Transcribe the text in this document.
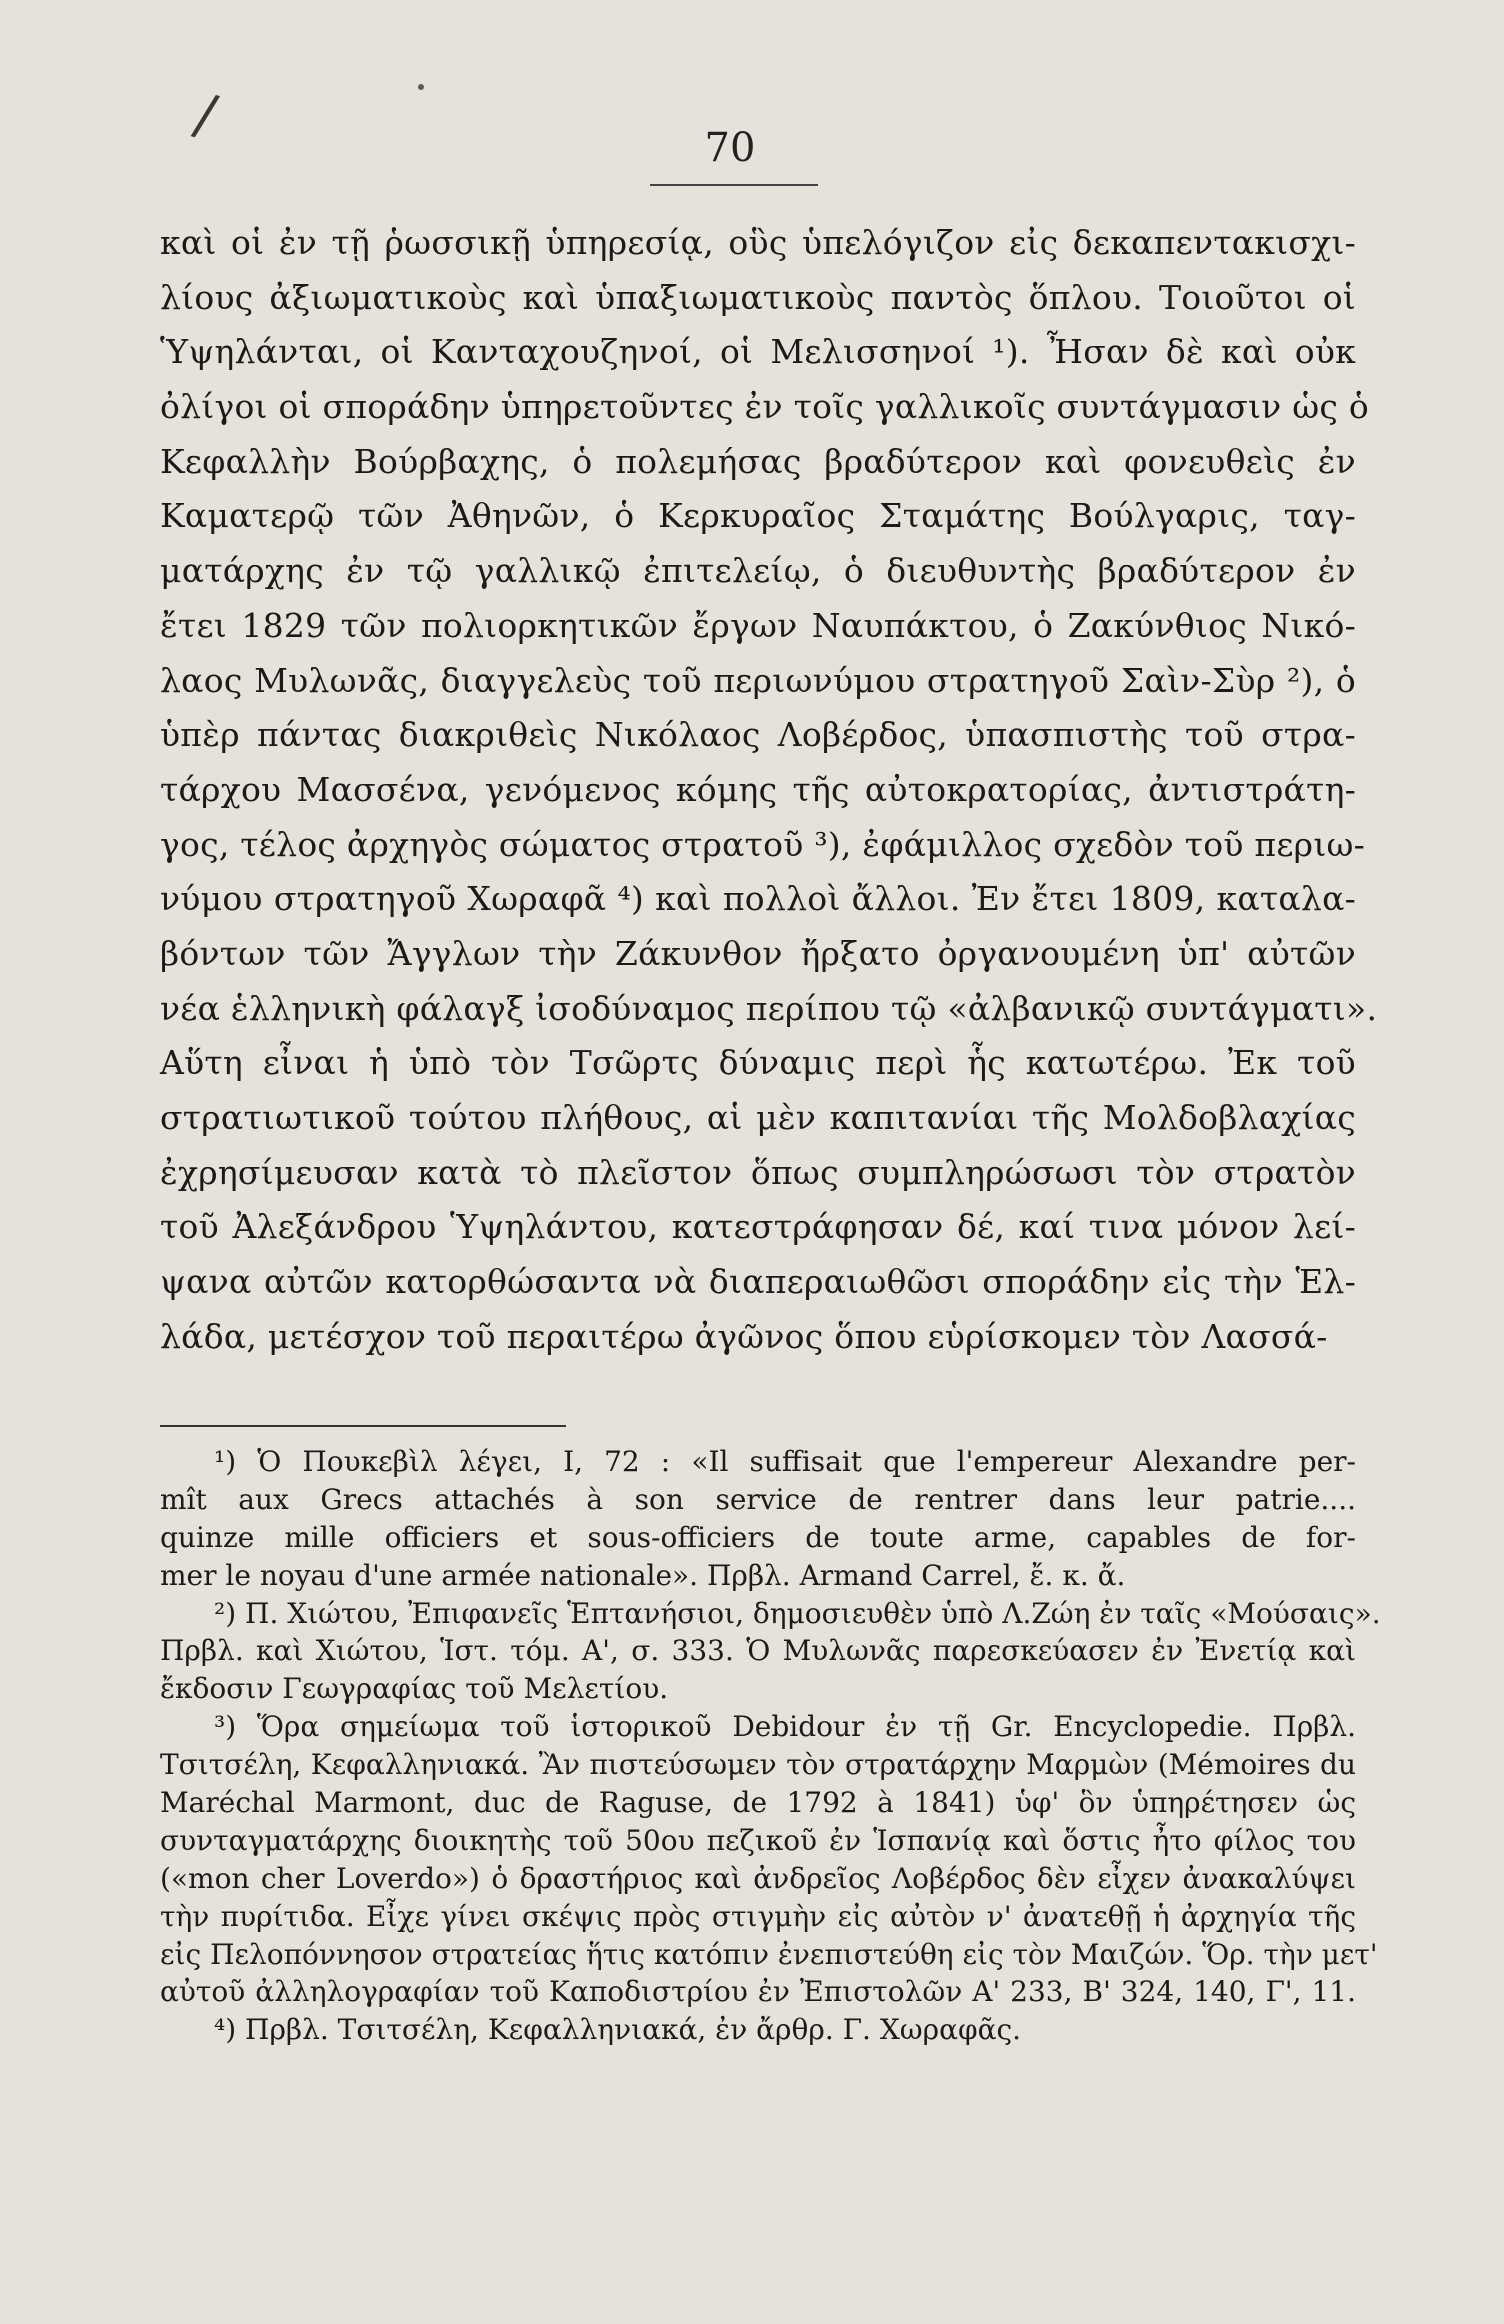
/	70
καὶ οἱ ἐν τῇ ῥωσσικῇ ὑπηρεσίᾳ, οὓς ὑπελόγιζον εἰς δεκαπεντακισχι-
λίους ἀξιωματικοὺς καὶ ὑπαξιωματικοὺς παντὸς ὅπλου. Τοιοῦτοι οἱ
Ὑψηλάνται, οἱ Κανταχουζηνοί, οἱ Μελισσηνοί ¹). Ἦσαν δὲ καὶ οὐκ
ὀλίγοι οἱ σποράδην ὑπηρετοῦντες ἐν τοῖς γαλλικοῖς συντάγμασιν ὡς ὁ
Κεφαλλὴν Βούρβαχης, ὁ πολεμήσας βραδύτερον καὶ φονευθεὶς ἐν
Καματερῷ τῶν Ἀθηνῶν, ὁ Κερκυραῖος Σταμάτης Βούλγαρις, ταγ-
ματάρχης ἐν τῷ γαλλικῷ ἐπιτελείῳ, ὁ διευθυντὴς βραδύτερον ἐν
ἔτει 1829 τῶν πολιορκητικῶν ἔργων Ναυπάκτου, ὁ Ζακύνθιος Νικό-
λαος Μυλωνᾶς, διαγγελεὺς τοῦ περιωνύμου στρατηγοῦ Σαὶν-Σὺρ ²), ὁ
ὑπὲρ πάντας διακριθεὶς Νικόλαος Λοβέρδος, ὑπασπιστὴς τοῦ στρα-
τάρχου Μασσένα, γενόμενος κόμης τῆς αὐτοκρατορίας, ἀντιστράτη-
γος, τέλος ἀρχηγὸς σώματος στρατοῦ ³), ἐφάμιλλος σχεδὸν τοῦ περιω-
νύμου στρατηγοῦ Χωραφᾶ ⁴) καὶ πολλοὶ ἄλλοι. Ἐν ἔτει 1809, καταλα-
βόντων τῶν Ἄγγλων τὴν Ζάκυνθον ἤρξατο ὀργανουμένη ὑπ' αὐτῶν
νέα ἑλληνικὴ φάλαγξ ἰσοδύναμος περίπου τῷ «ἀλβανικῷ συντάγματι».
Αὕτη εἶναι ἡ ὑπὸ τὸν Τσῶρτς δύναμις περὶ ἧς κατωτέρω. Ἐκ τοῦ
στρατιωτικοῦ τούτου πλήθους, αἱ μὲν καπιτανίαι τῆς Μολδοβλαχίας
ἐχρησίμευσαν κατὰ τὸ πλεῖστον ὅπως συμπληρώσωσι τὸν στρατὸν
τοῦ Ἀλεξάνδρου Ὑψηλάντου, κατεστράφησαν δέ, καί τινα μόνον λεί-
ψανα αὐτῶν κατορθώσαντα νὰ διαπεραιωθῶσι σποράδην εἰς τὴν Ἑλ-
λάδα, μετέσχον τοῦ περαιτέρω ἀγῶνος ὅπου εὑρίσκομεν τὸν Λασσά-
¹) Ὁ Πουκεβὶλ λέγει, I, 72 : «Il suffisait que l'empereur Alexandre per-
mît aux Grecs attachés à son service de rentrer dans leur patrie....
quinze mille officiers et sous-officiers de toute arme, capables de for-
mer le noyau d'une armée nationale». Πρβλ. Armand Carrel, ἔ. κ. ἄ.
²) Π. Χιώτου, Ἐπιφανεῖς Ἑπτανήσιοι, δημοσιευθὲν ὑπὸ Λ.Ζώη ἐν ταῖς «Μούσαις».
Πρβλ. καὶ Χιώτου, Ἱστ. τόμ. Α', σ. 333. Ὁ Μυλωνᾶς παρεσκεύασεν ἐν Ἐνετίᾳ καὶ
ἔκδοσιν Γεωγραφίας τοῦ Μελετίου.
³) Ὅρα σημείωμα τοῦ ἱστορικοῦ Debidour ἐν τῇ Gr. Encyclopedie. Πρβλ.
Τσιτσέλη, Κεφαλληνιακά. Ἂν πιστεύσωμεν τὸν στρατάρχην Μαρμὼν (Mémoires du
Maréchal Marmont, duc de Raguse, de 1792 à 1841) ὑφ' ὃν ὑπηρέτησεν ὡς
συνταγματάρχης διοικητὴς τοῦ 50ου πεζικοῦ ἐν Ἱσπανίᾳ καὶ ὅστις ἦτο φίλος του
(«mon cher Loverdo») ὁ δραστήριος καὶ ἀνδρεῖος Λοβέρδος δὲν εἶχεν ἀνακαλύψει
τὴν πυρίτιδα. Εἶχε γίνει σκέψις πρὸς στιγμὴν εἰς αὐτὸν ν' ἀνατεθῇ ἡ ἀρχηγία τῆς
εἰς Πελοπόννησον στρατείας ἥτις κατόπιν ἐνεπιστεύθη εἰς τὸν Μαιζών. Ὅρ. τὴν μετ'
αὐτοῦ ἀλληλογραφίαν τοῦ Καποδιστρίου ἐν Ἐπιστολῶν Α' 233, Β' 324, 140, Γ', 11.
⁴) Πρβλ. Τσιτσέλη, Κεφαλληνιακά, ἐν ἄρθρ. Γ. Χωραφᾶς.
